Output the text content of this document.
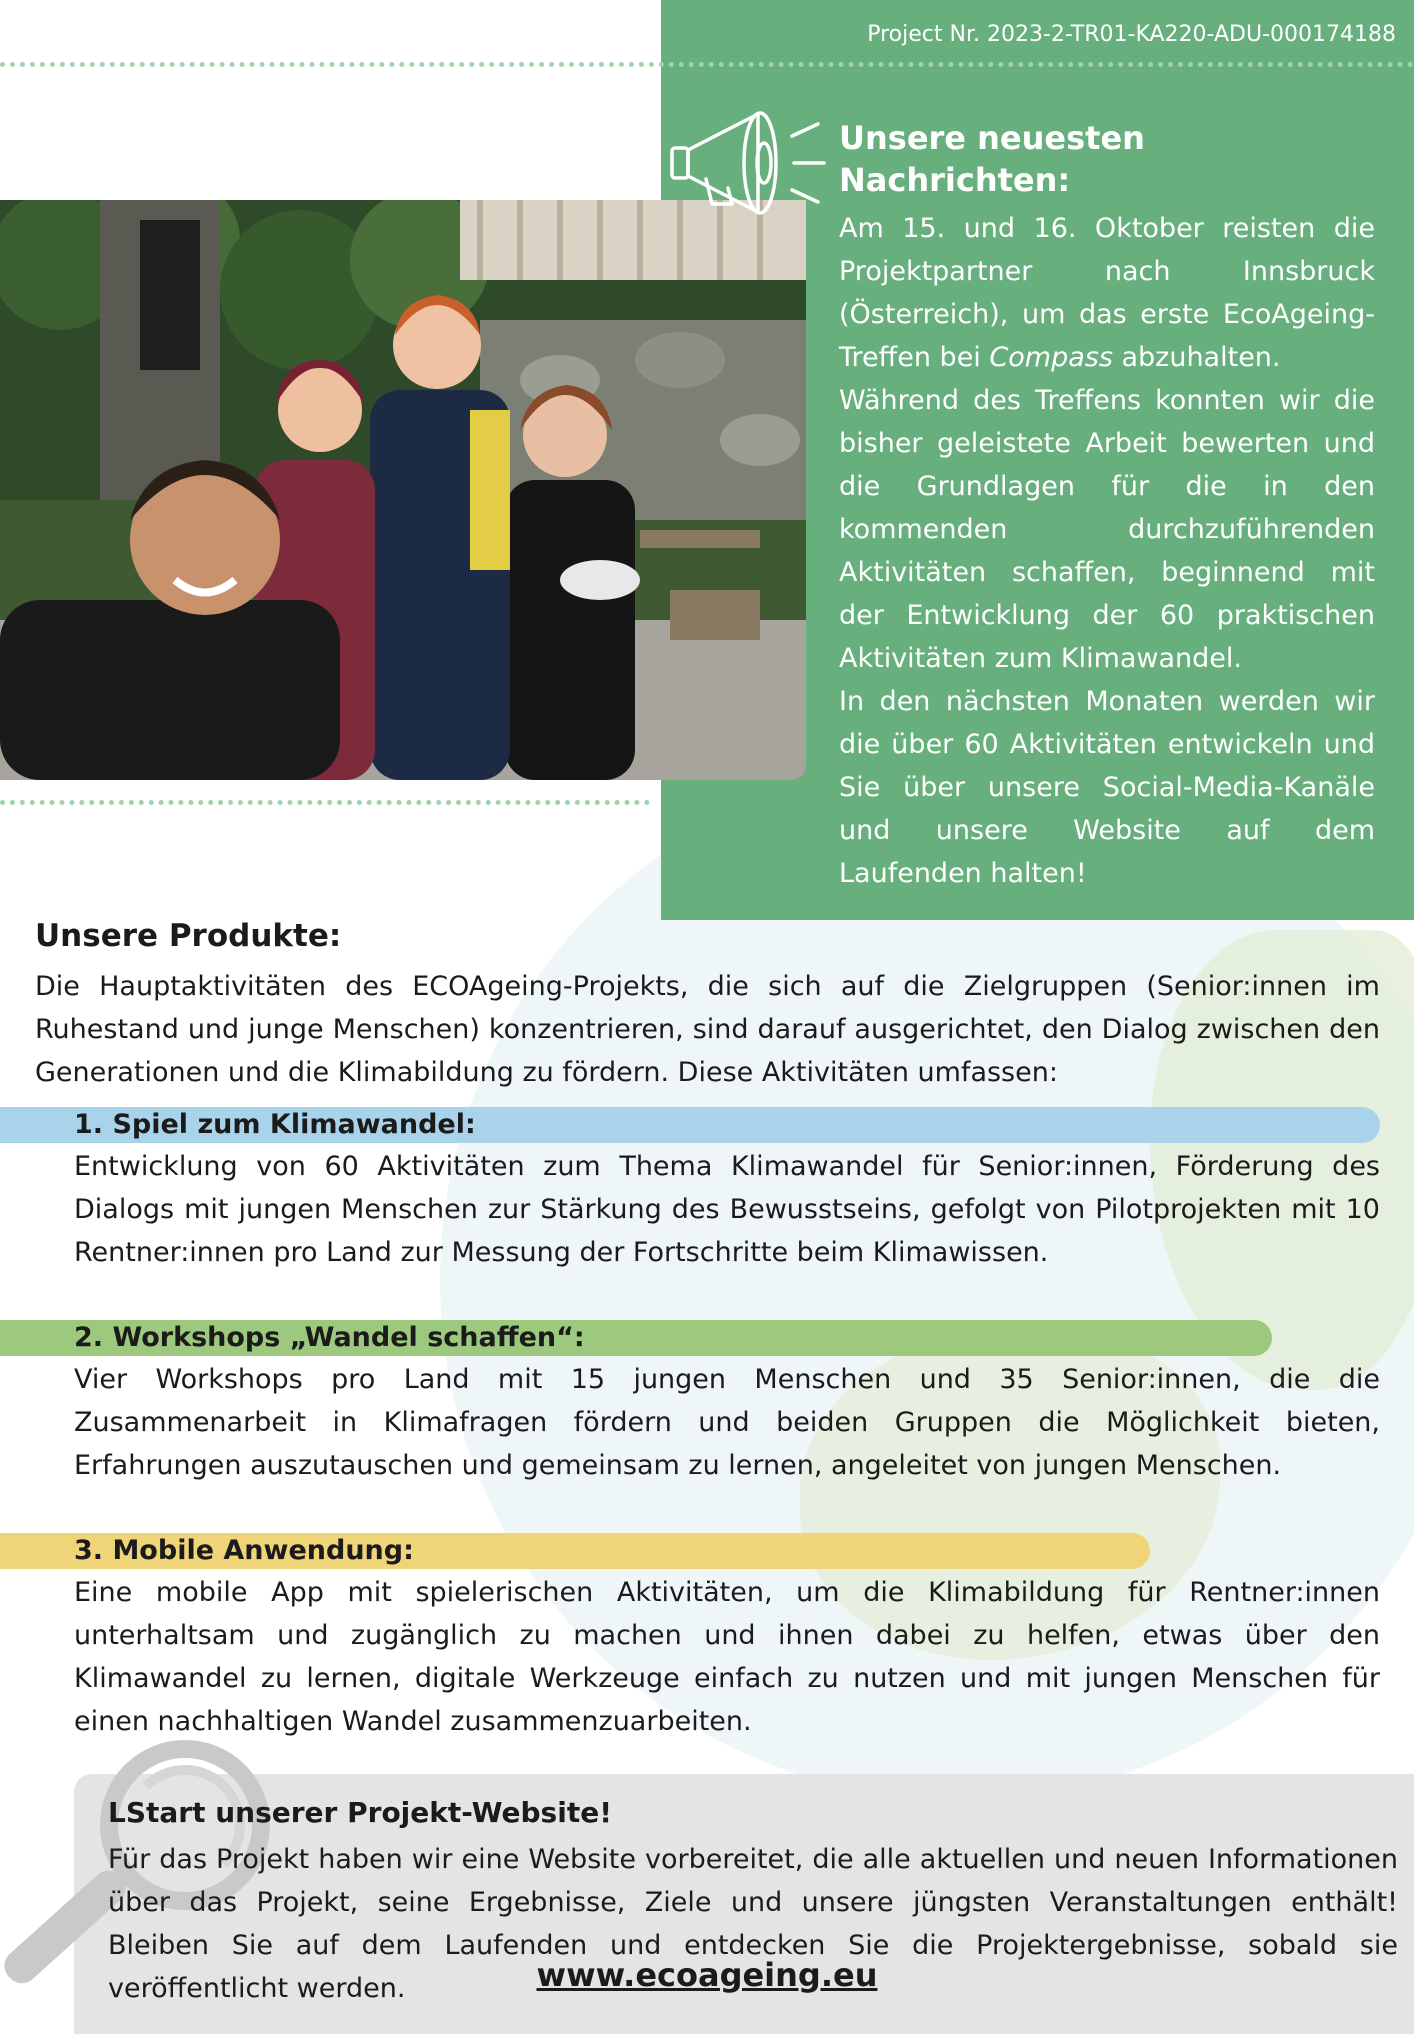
Project Nr. 2023-2-TR01-KA220-ADU-000174188
Unsere neuesten Nachrichten:

Am 15. und 16. Oktober reisten die Projektpartner nach Innsbruck (Österreich), um das erste EcoAgeing-Treffen bei Compass abzuhalten.

Während des Treffens konnten wir die bisher geleistete Arbeit bewerten und die Grundlagen für die in den kommenden durchzuführenden Aktivitäten schaffen, beginnend mit der Entwicklung der 60 praktischen Aktivitäten zum Klimawandel.

In den nächsten Monaten werden wir die über 60 Aktivitäten entwickeln und Sie über unsere Social-Media-Kanäle und unsere Website auf dem Laufenden halten!

Unsere Produkte:

Die Hauptaktivitäten des ECOAgeing-Projekts, die sich auf die Zielgruppen (Senior:innen im Ruhestand und junge Menschen) konzentrieren, sind darauf ausgerichtet, den Dialog zwischen den Generationen und die Klimabildung zu fördern. Diese Aktivitäten umfassen:

1. Spiel zum Klimawandel:

Entwicklung von 60 Aktivitäten zum Thema Klimawandel für Senior:innen, Förderung des Dialogs mit jungen Menschen zur Stärkung des Bewusstseins, gefolgt von Pilotprojekten mit 10 Rentner:innen pro Land zur Messung der Fortschritte beim Klimawissen.

2. Workshops „Wandel schaffen“:

Vier Workshops pro Land mit 15 jungen Menschen und 35 Senior:innen, die die Zusammenarbeit in Klimafragen fördern und beiden Gruppen die Möglichkeit bieten, Erfahrungen auszutauschen und gemeinsam zu lernen, angeleitet von jungen Menschen.

3. Mobile Anwendung:

Eine mobile App mit spielerischen Aktivitäten, um die Klimabildung für Rentner:innen unterhaltsam und zugänglich zu machen und ihnen dabei zu helfen, etwas über den Klimawandel zu lernen, digitale Werkzeuge einfach zu nutzen und mit jungen Menschen für einen nachhaltigen Wandel zusammenzuarbeiten.

LStart unserer Projekt-Website!

Für das Projekt haben wir eine Website vorbereitet, die alle aktuellen und neuen Informationen über das Projekt, seine Ergebnisse, Ziele und unsere jüngsten Veranstaltungen enthält! Bleiben Sie auf dem Laufenden und entdecken Sie die Projektergebnisse, sobald sie veröffentlicht werden.	www.ecoageing.eu
